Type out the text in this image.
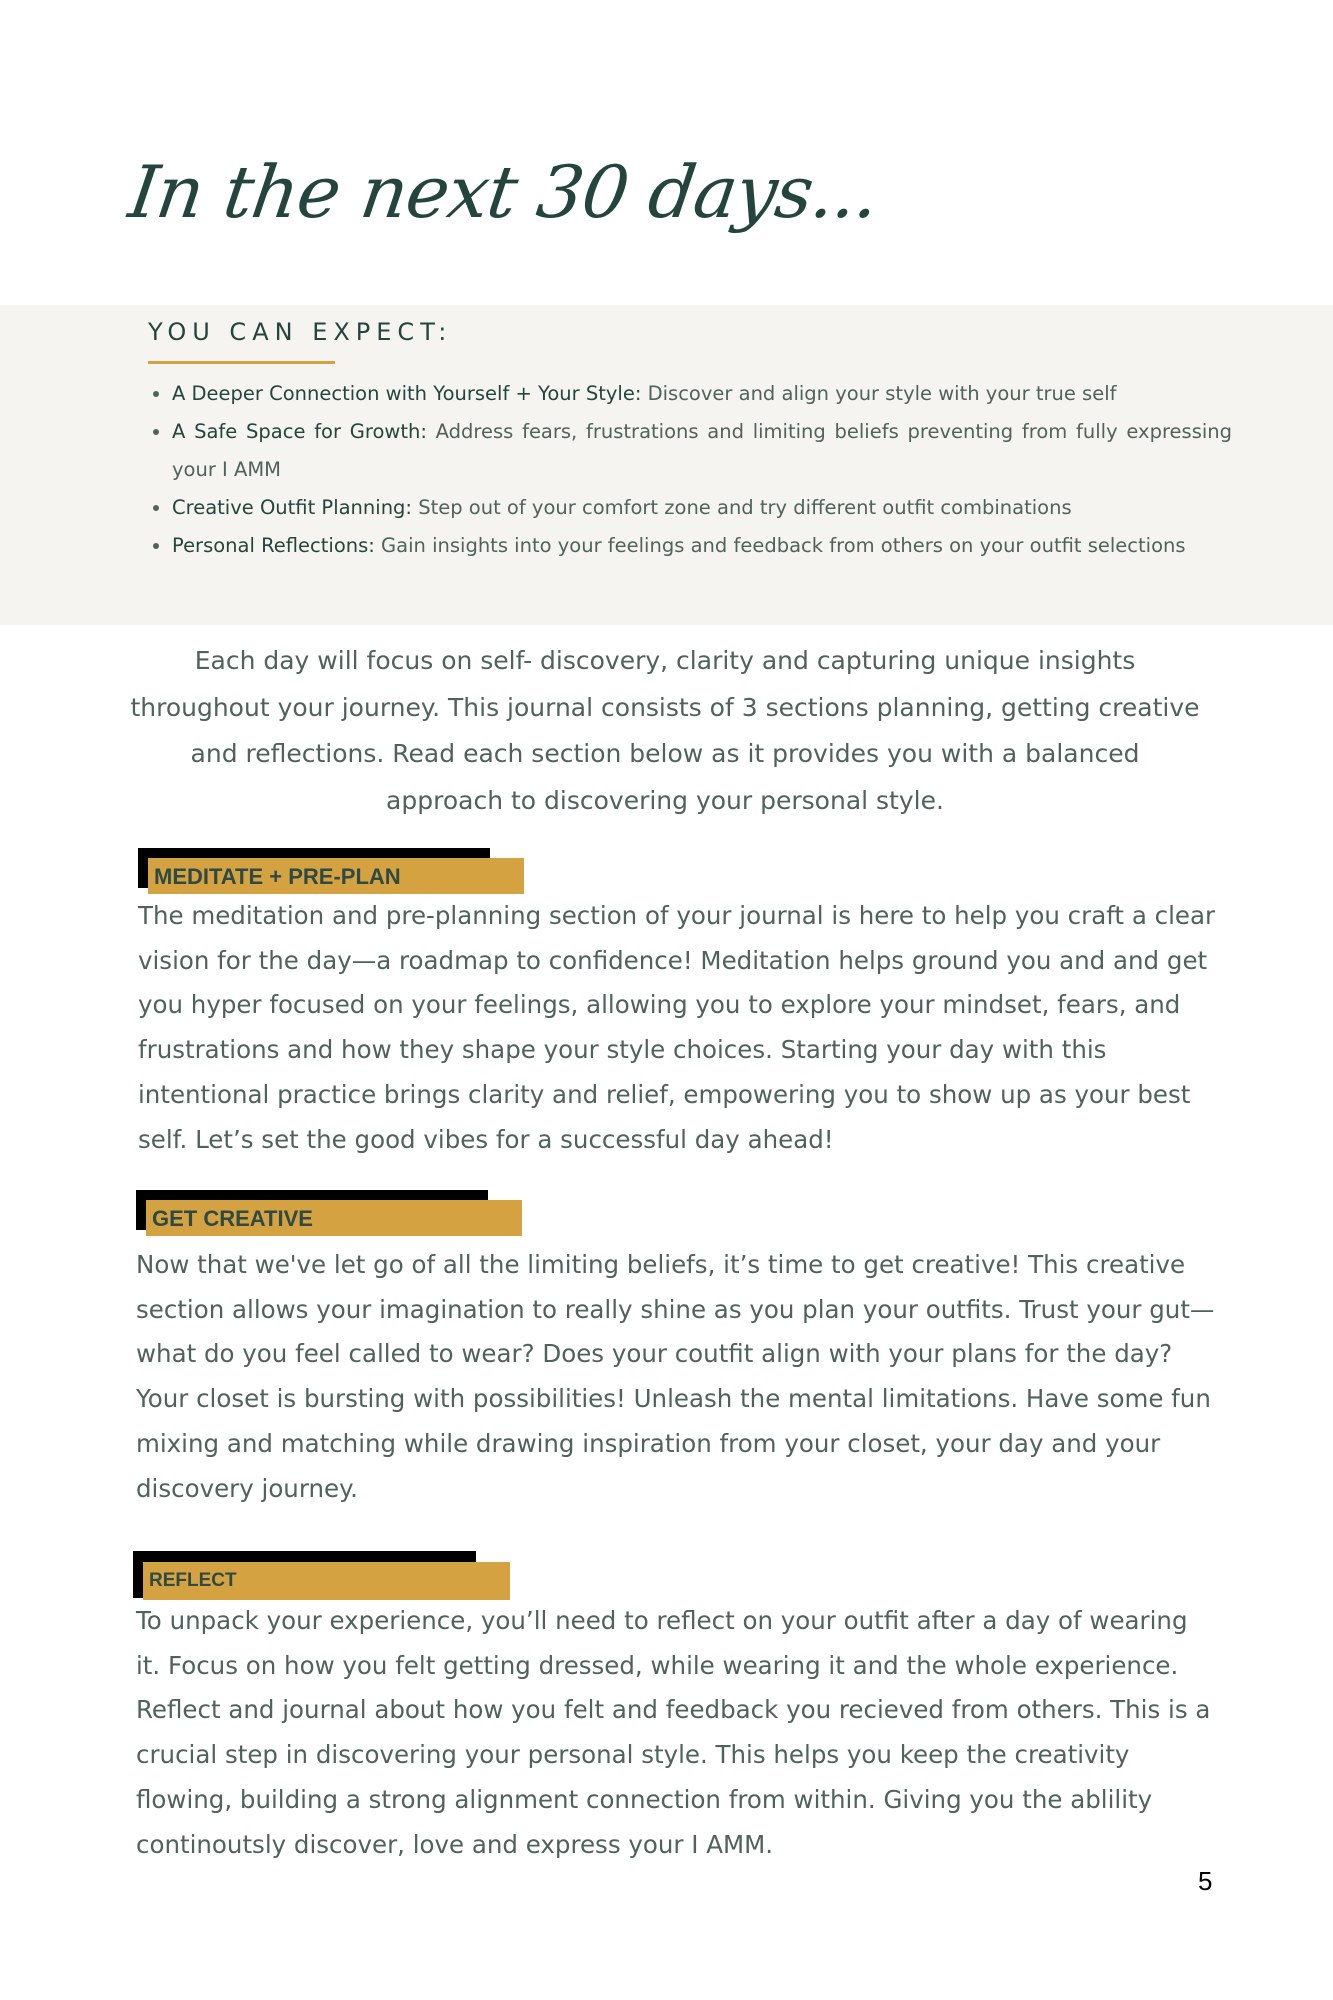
In the next 30 days...
YOU CAN EXPECT:
• A Deeper Connection with Yourself + Your Style: Discover and align your style with your true self
• A Safe Space for Growth: Address fears, frustrations and limiting beliefs preventing from fully expressing your I AMM
• Creative Outfit Planning: Step out of your comfort zone and try different outfit combinations
• Personal Reflections: Gain insights into your feelings and feedback from others on your outfit selections
Each day will focus on self- discovery, clarity and capturing unique insights throughout your journey. This journal consists of 3 sections planning, getting creative and reflections. Read each section below as it provides you with a balanced approach to discovering your personal style.
MEDITATE + PRE-PLAN
The meditation and pre-planning section of your journal is here to help you craft a clear vision for the day—a roadmap to confidence! Meditation helps ground you and and get you hyper focused on your feelings, allowing you to explore your mindset, fears, and frustrations and how they shape your style choices. Starting your day with this intentional practice brings clarity and relief, empowering you to show up as your best self. Let’s set the good vibes for a successful day ahead!
GET CREATIVE
Now that we've let go of all the limiting beliefs, it’s time to get creative! This creative section allows your imagination to really shine as you plan your outfits. Trust your gut—what do you feel called to wear? Does your coutfit align with your plans for the day? Your closet is bursting with possibilities! Unleash the mental limitations. Have some fun mixing and matching while drawing inspiration from your closet, your day and your discovery journey.
REFLECT
To unpack your experience, you’ll need to reflect on your outfit after a day of wearing it. Focus on how you felt getting dressed, while wearing it and the whole experience. Reflect and journal about how you felt and feedback you recieved from others. This is a crucial step in discovering your personal style. This helps you keep the creativity flowing, building a strong alignment connection from within. Giving you the ablility continoutsly discover, love and express your I AMM.
5
